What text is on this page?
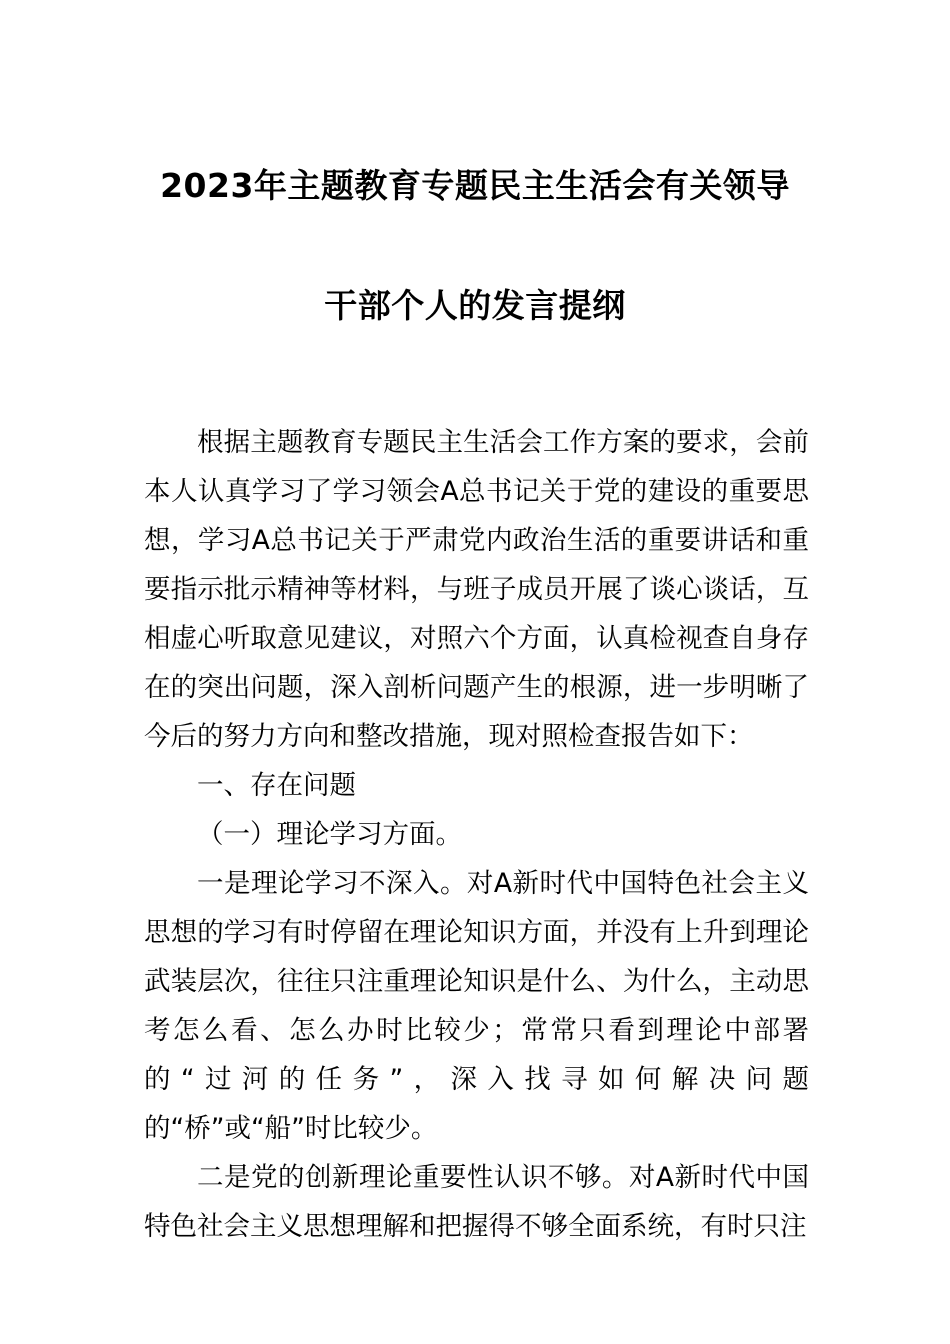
2023年主题教育专题民主生活会有关领导
干部个人的发言提纲

根据主题教育专题民主生活会工作方案的要求，会前本人认真学习了学习领会A总书记关于党的建设的重要思想，学习A总书记关于严肃党内政治生活的重要讲话和重要指示批示精神等材料，与班子成员开展了谈心谈话，互相虚心听取意见建议，对照六个方面，认真检视查自身存在的突出问题，深入剖析问题产生的根源，进一步明晰了今后的努力方向和整改措施，现对照检查报告如下：

一、存在问题

（一）理论学习方面。

一是理论学习不深入。对A新时代中国特色社会主义思想的学习有时停留在理论知识方面，并没有上升到理论武装层次，往往只注重理论知识是什么、为什么，主动思考怎么看、怎么办时比较少；常常只看到理论中部署的“过河的任务”，深入找寻如何解决问题的“桥”或“船”时比较少。

二是党的创新理论重要性认识不够。对A新时代中国特色社会主义思想理解和把握得不够全面系统，有时只注
